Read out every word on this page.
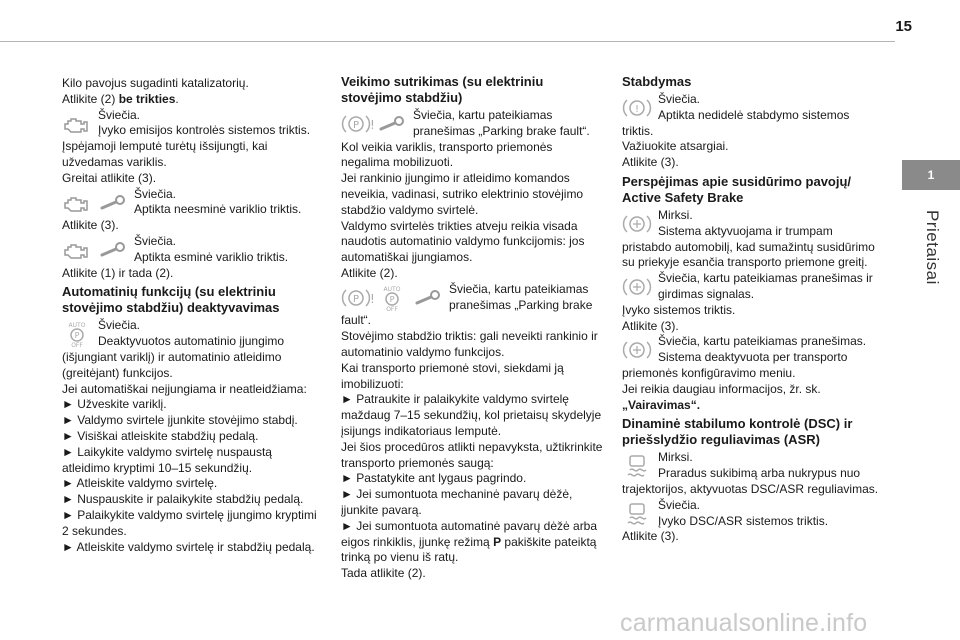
15
1
Prietaisai

Kilo pavojus sugadinti katalizatorių.

Atlikite (2) be trikties.

Šviečia.
Įvyko emisijos kontrolės sistemos triktis.

Įspėjamoji lemputė turėtų išsijungti, kai užvedamas variklis.

Greitai atlikite (3).

Šviečia.
Aptikta neesminė variklio triktis.

Atlikite (3).

Šviečia.
Aptikta esminė variklio triktis.

Atlikite (1) ir tada (2).

Automatinių funkcijų (su elektriniu stovėjimo stabdžiu) deaktyvavimas
AUTO
P
OFF
Šviečia.
Deaktyvuotos automatinio įjungimo

(išjungiant variklį) ir automatinio atleidimo (greitėjant) funkcijos.

Jei automatiškai neįjungiama ir neatleidžiama:

► Užveskite variklį.

► Valdymo svirtele įjunkite stovėjimo stabdį.

► Visiškai atleiskite stabdžių pedalą.

► Laikykite valdymo svirtelę nuspaustą atleidimo kryptimi 10–15 sekundžių.

► Atleiskite valdymo svirtelę.

► Nuspauskite ir palaikykite stabdžių pedalą.

► Palaikykite valdymo svirtelę įjungimo kryptimi 2 sekundes.

► Atleiskite valdymo svirtelę ir stabdžių pedalą.

Veikimo sutrikimas (su elektriniu stovėjimo stabdžiu)
P !
Šviečia, kartu pateikiamas pranešimas „Parking brake fault“.

Kol veikia variklis, transporto priemonės negalima mobilizuoti.

Jei rankinio įjungimo ir atleidimo komandos neveikia, vadinasi, sutriko elektrinio stovėjimo stabdžio valdymo svirtelė.

Valdymo svirtelės trikties atveju reikia visada naudotis automatinio valdymo funkcijomis: jos automatiškai įjungiamos.

Atlikite (2).

P !
AUTO
P
OFF
Šviečia, kartu pateikiamas pranešimas „Parking brake

fault“.

Stovėjimo stabdžio triktis: gali neveikti rankinio ir automatinio valdymo funkcijos.

Kai transporto priemonė stovi, siekdami ją imobilizuoti:

► Patraukite ir palaikykite valdymo svirtelę maždaug 7–15 sekundžių, kol prietaisų skydelyje įsijungs indikatoriaus lemputė.

Jei šios procedūros atlikti nepavyksta, užtikrinkite transporto priemonės saugą:

► Pastatykite ant lygaus pagrindo.

► Jei sumontuota mechaninė pavarų dėžė, įjunkite pavarą.

► Jei sumontuota automatinė pavarų dėžė arba eigos rinkiklis, įjunkę režimą P pakiškite pateiktą trinką po vienu iš ratų.

Tada atlikite (2).

Stabdymas
!
Šviečia.
Aptikta nedidelė stabdymo sistemos

triktis.

Važiuokite atsargiai.

Atlikite (3).

Perspėjimas apie susidūrimo pavojų/ Active Safety Brake
Mirksi.
Sistema aktyvuojama ir trumpam

pristabdo automobilį, kad sumažintų susidūrimo su priekyje esančia transporto priemone greitį.

Šviečia, kartu pateikiamas pranešimas ir girdimas signalas.

Įvyko sistemos triktis.

Atlikite (3).

Šviečia, kartu pateikiamas pranešimas.
Sistema deaktyvuota per transporto

priemonės konfigūravimo meniu.

Jei reikia daugiau informacijos, žr. sk.

„Vairavimas“.

Dinaminė stabilumo kontrolė (DSC) ir priešslydžio reguliavimas (ASR)
Mirksi.
Praradus sukibimą arba nukrypus nuo

trajektorijos, aktyvuotas DSC/ASR reguliavimas.

Šviečia.
Įvyko DSC/ASR sistemos triktis.

Atlikite (3).

carmanualsonline.info
